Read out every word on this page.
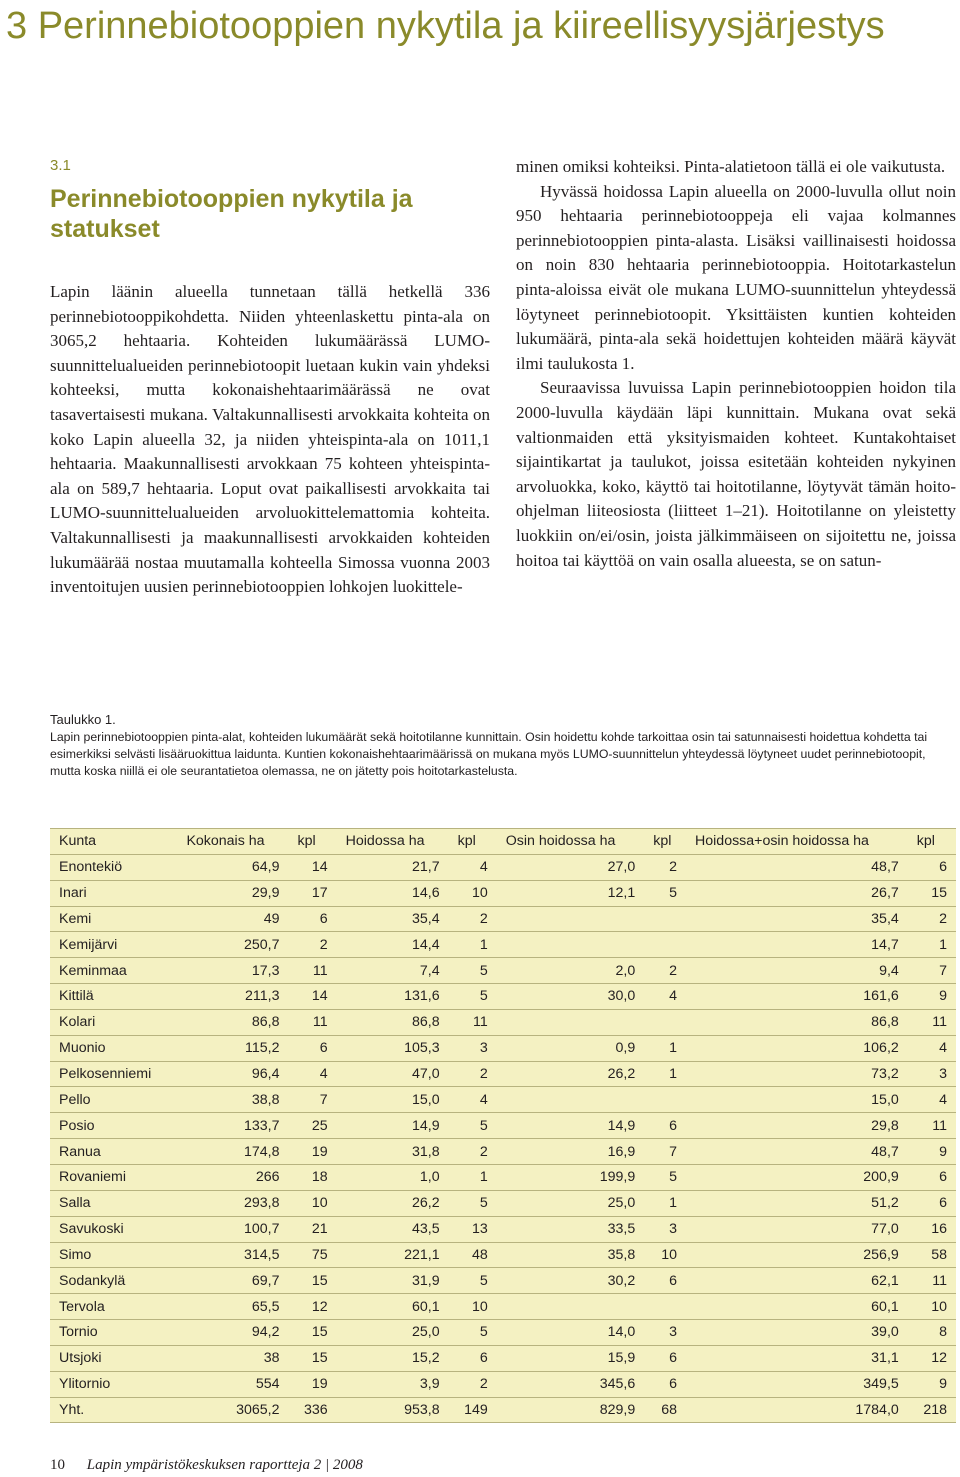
3 Perinnebiotooppien nykytila ja kiireellisyysjärjestys
3.1
Perinnebiotooppien nykytila ja statukset

Lapin läänin alueella tunnetaan tällä hetkellä 336 perinnebiotooppikohdetta. Niiden yhteenlaskettu pinta-ala on 3065,2 hehtaaria. Kohteiden lukumäärässä LUMO-suunnittelualueiden perinnebiotoopit luetaan kukin vain yhdeksi kohteeksi, mutta kokonaishehtaarimäärässä ne ovat tasavertaisesti mukana. Valtakunnallisesti arvokkaita kohteita on koko Lapin alueella 32, ja niiden yhteispinta-ala on 1011,1 hehtaaria. Maakunnallisesti arvokkaan 75 kohteen yhteispinta-ala on 589,7 hehtaaria. Loput ovat paikallisesti arvokkaita tai LUMO-suunnittelualueiden arvoluokittelemattomia kohteita. Valtakunnallisesti ja maakunnallisesti arvokkaiden kohteiden lukumäärää nostaa muutamalla kohteella Simossa vuonna 2003 inventoitujen uusien perinnebiotooppien lohkojen luokittele-

minen omiksi kohteiksi. Pinta-alatietoon tällä ei ole vaikutusta.

Hyvässä hoidossa Lapin alueella on 2000-luvulla ollut noin 950 hehtaaria perinnebiotooppeja eli vajaa kolmannes perinnebiotooppien pinta-alasta. Lisäksi vaillinaisesti hoidossa on noin 830 hehtaaria perinnebiotooppia. Hoitotarkastelun pinta-aloissa eivät ole mukana LUMO-suunnittelun yhteydessä löytyneet perinnebiotoopit. Yksittäisten kuntien kohteiden lukumäärä, pinta-ala sekä hoidettujen kohteiden määrä käyvät ilmi taulukosta 1.

Seuraavissa luvuissa Lapin perinnebiotooppien hoidon tila 2000-luvulla käydään läpi kunnittain. Mukana ovat sekä valtionmaiden että yksityismaiden kohteet. Kuntakohtaiset sijaintikartat ja taulukot, joissa esitetään kohteiden nykyinen arvoluokka, koko, käyttö tai hoitotilanne, löytyvät tämän hoito-ohjelman liiteosiosta (liitteet 1–21). Hoitotilanne on yleistetty luokkiin on/ei/osin, joista jälkimmäiseen on sijoitettu ne, joissa hoitoa tai käyttöä on vain osalla alueesta, se on satun-

Taulukko 1.
Lapin perinnebiotooppien pinta-alat, kohteiden lukumäärät sekä hoitotilanne kunnittain. Osin hoidettu kohde tarkoittaa osin tai satunnaisesti hoidettua kohdetta tai esimerkiksi selvästi lisääruokittua laidunta. Kuntien kokonaishehtaarimäärissä on mukana myös LUMO-suunnittelun yhteydessä löytyneet uudet perinnebiotoopit, mutta koska niillä ei ole seurantatietoa olemassa, ne on jätetty pois hoitotarkastelusta.
Kunta	Kokonais ha	kpl	Hoidossa ha	kpl	Osin hoidossa ha	kpl	Hoidossa+osin hoidossa ha	kpl
Enontekiö	64,9	14	21,7	4	27,0	2	48,7	6
Inari	29,9	17	14,6	10	12,1	5	26,7	15
Kemi	49	6	35,4	2			35,4	2
Kemijärvi	250,7	2	14,4	1			14,7	1
Keminmaa	17,3	11	7,4	5	2,0	2	9,4	7
Kittilä	211,3	14	131,6	5	30,0	4	161,6	9
Kolari	86,8	11	86,8	11			86,8	11
Muonio	115,2	6	105,3	3	0,9	1	106,2	4
Pelkosenniemi	96,4	4	47,0	2	26,2	1	73,2	3
Pello	38,8	7	15,0	4			15,0	4
Posio	133,7	25	14,9	5	14,9	6	29,8	11
Ranua	174,8	19	31,8	2	16,9	7	48,7	9
Rovaniemi	266	18	1,0	1	199,9	5	200,9	6
Salla	293,8	10	26,2	5	25,0	1	51,2	6
Savukoski	100,7	21	43,5	13	33,5	3	77,0	16
Simo	314,5	75	221,1	48	35,8	10	256,9	58
Sodankylä	69,7	15	31,9	5	30,2	6	62,1	11
Tervola	65,5	12	60,1	10			60,1	10
Tornio	94,2	15	25,0	5	14,0	3	39,0	8
Utsjoki	38	15	15,2	6	15,9	6	31,1	12
Ylitornio	554	19	3,9	2	345,6	6	349,5	9
Yht.	3065,2	336	953,8	149	829,9	68	1784,0	218
10 Lapin ympäristökeskuksen raportteja 2 | 2008
